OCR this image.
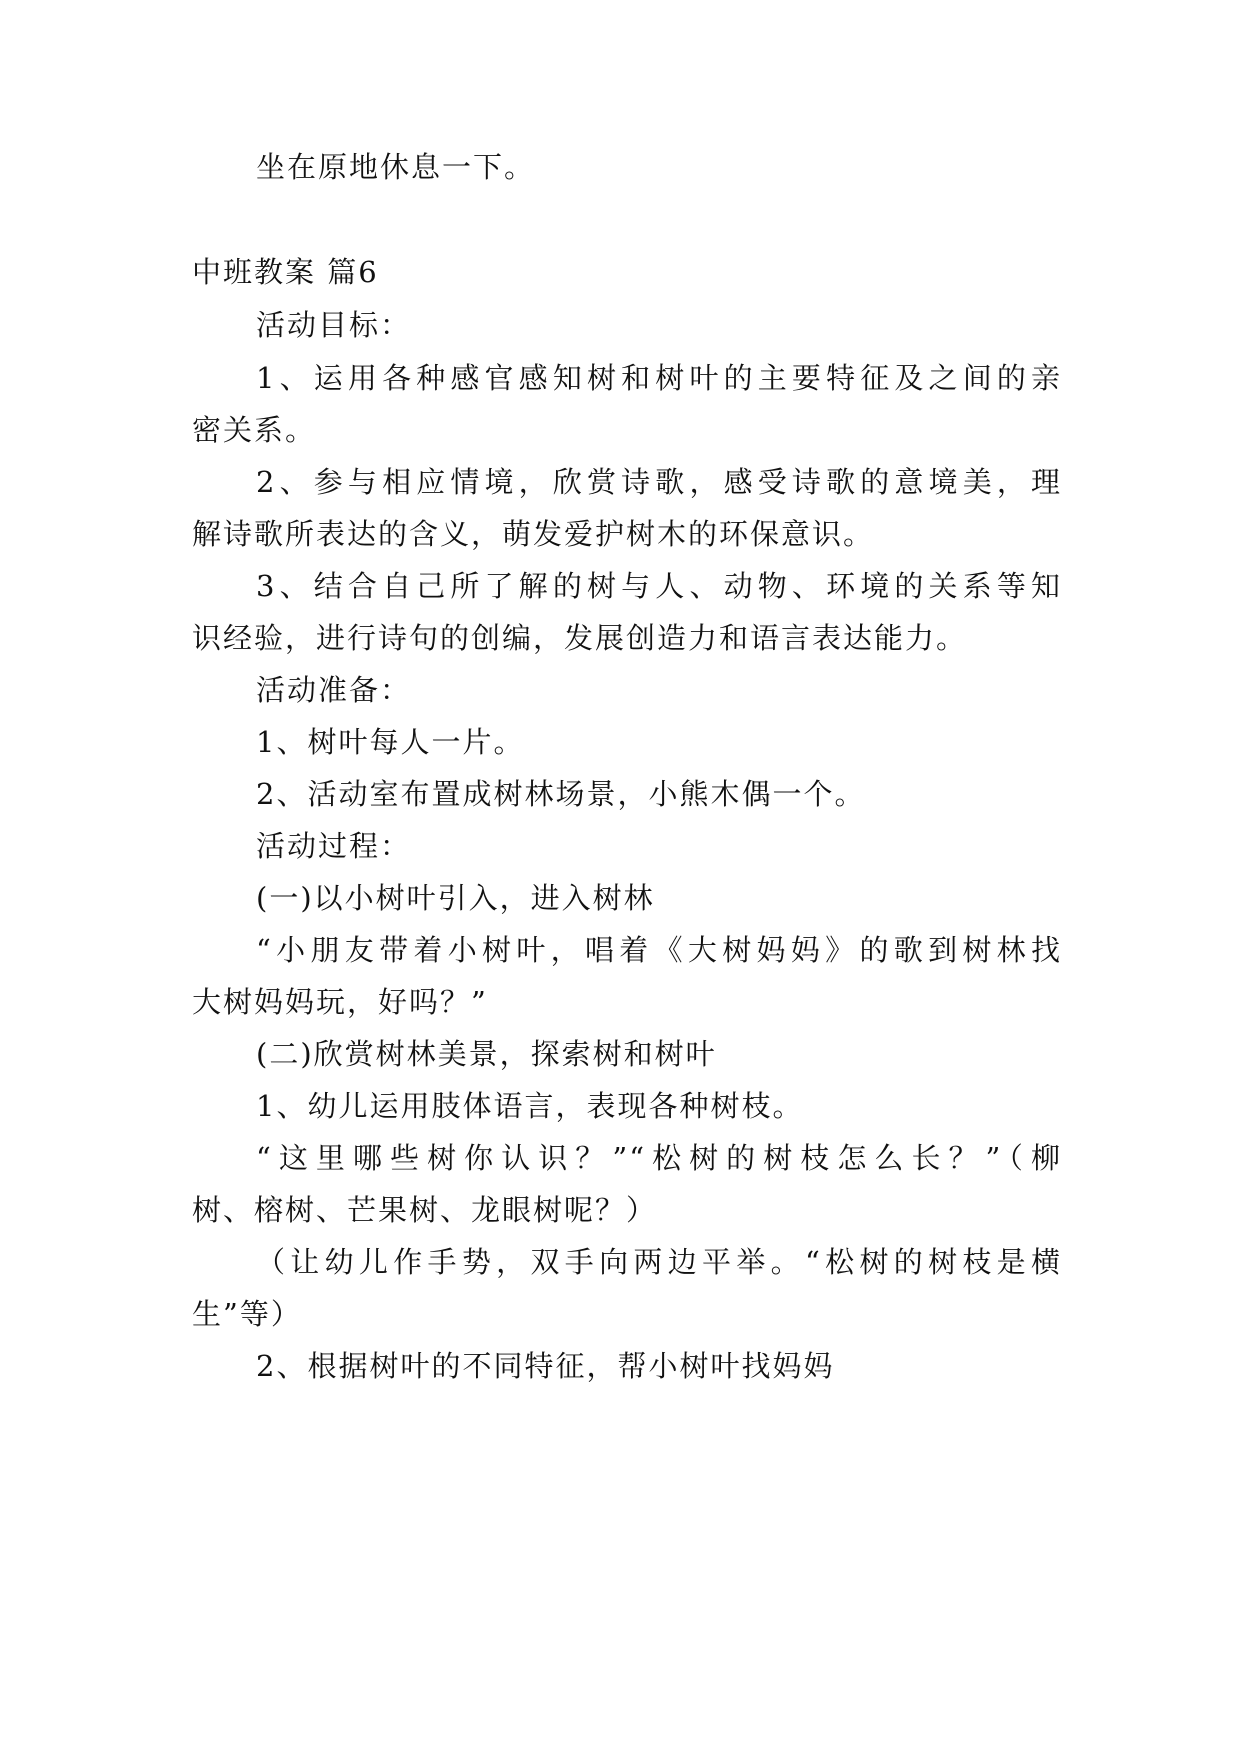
坐在原地休息一下。
中班教案 篇6
活动目标：
1、运用各种感官感知树和树叶的主要特征及之间的亲
密关系。
2、参与相应情境，欣赏诗歌，感受诗歌的意境美，理
解诗歌所表达的含义，萌发爱护树木的环保意识。
3、结合自己所了解的树与人、动物、环境的关系等知
识经验，进行诗句的创编，发展创造力和语言表达能力。
活动准备：
1、树叶每人一片。
2、活动室布置成树林场景，小熊木偶一个。
活动过程：
(一)以小树叶引入，进入树林
“小朋友带着小树叶，唱着《大树妈妈》的歌到树林找
大树妈妈玩，好吗？”
(二)欣赏树林美景，探索树和树叶
1、幼儿运用肢体语言，表现各种树枝。
“这里哪些树你认识？”“松树的树枝怎么长？”（柳
树、榕树、芒果树、龙眼树呢？）
（让幼儿作手势，双手向两边平举。“松树的树枝是横
生”等）
2、根据树叶的不同特征，帮小树叶找妈妈
